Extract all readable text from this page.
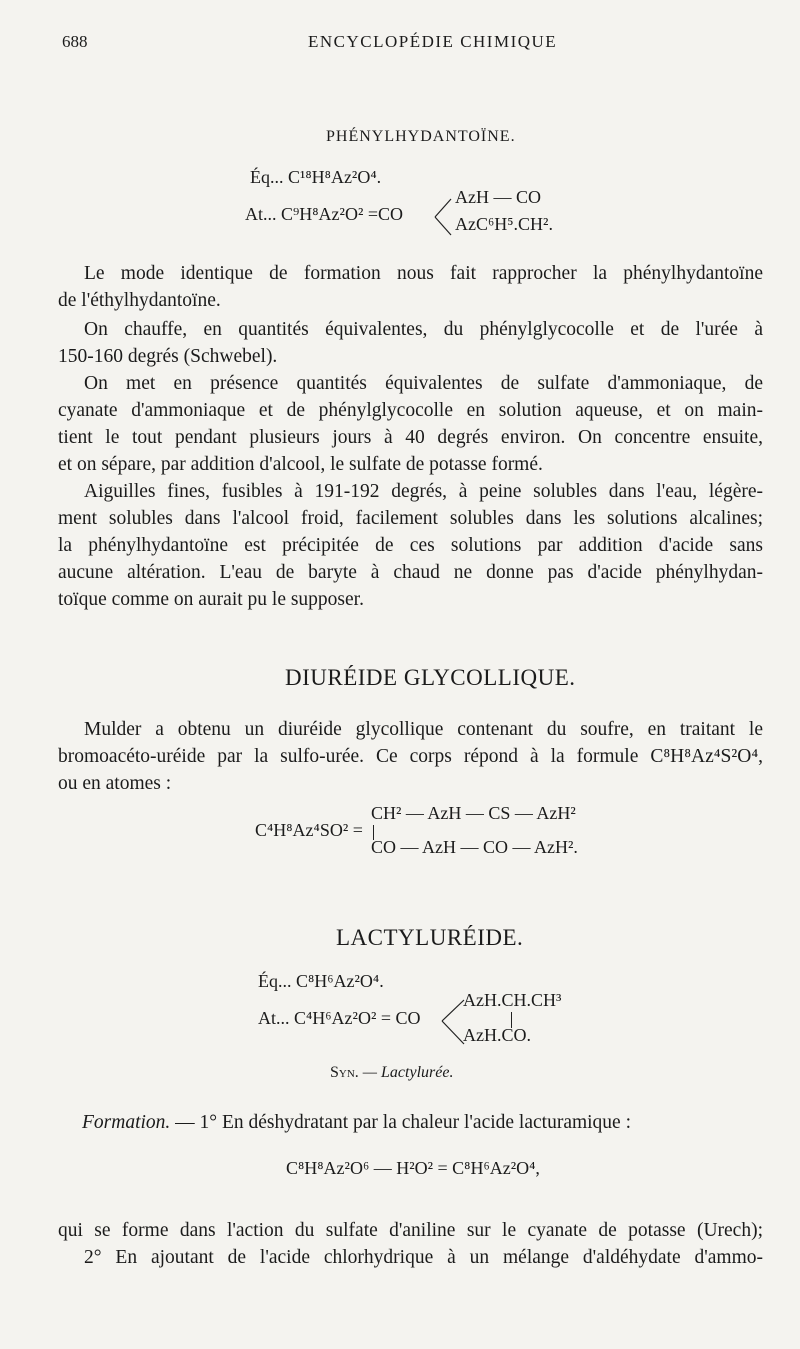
688	ENCYCLOPÉDIE CHIMIQUE
PHÉNYLHYDANTOÏNE.
Éq... C¹⁸H⁸Az²O⁴.
At... C⁹H⁸Az²O² =CO
AzH — CO
AzC⁶H⁵.CH².
Le mode identique de formation nous fait rapprocher la phénylhydantoïne
de l'éthylhydantoïne.
On chauffe, en quantités équivalentes, du phénylglycocolle et de l'urée à
150-160 degrés (Schwebel).
On met en présence quantités équivalentes de sulfate d'ammoniaque, de
cyanate d'ammoniaque et de phénylglycocolle en solution aqueuse, et on main-
tient le tout pendant plusieurs jours à 40 degrés environ. On concentre ensuite,
et on sépare, par addition d'alcool, le sulfate de potasse formé.
Aiguilles fines, fusibles à 191-192 degrés, à peine solubles dans l'eau, légère-
ment solubles dans l'alcool froid, facilement solubles dans les solutions alcalines;
la phénylhydantoïne est précipitée de ces solutions par addition d'acide sans
aucune altération. L'eau de baryte à chaud ne donne pas d'acide phénylhydan-
toïque comme on aurait pu le supposer.
DIURÉIDE GLYCOLLIQUE.
Mulder a obtenu un diuréide glycollique contenant du soufre, en traitant le
bromoacéto-uréide par la sulfo-urée. Ce corps répond à la formule C⁸H⁸Az⁴S²O⁴,
ou en atomes :
C⁴H⁸Az⁴SO² =
CH² — AzH — CS — AzH²
CO — AzH — CO — AzH².
LACTYLURÉIDE.
Éq... C⁸H⁶Az²O⁴.
At... C⁴H⁶Az²O² = CO
AzH.CH.CH³
AzH.CO.
Syn. — Lactylurée.
Formation. — 1° En déshydratant par la chaleur l'acide lacturamique :
C⁸H⁸Az²O⁶ — H²O² = C⁸H⁶Az²O⁴,
qui se forme dans l'action du sulfate d'aniline sur le cyanate de potasse (Urech);
2° En ajoutant de l'acide chlorhydrique à un mélange d'aldéhydate d'ammo-
